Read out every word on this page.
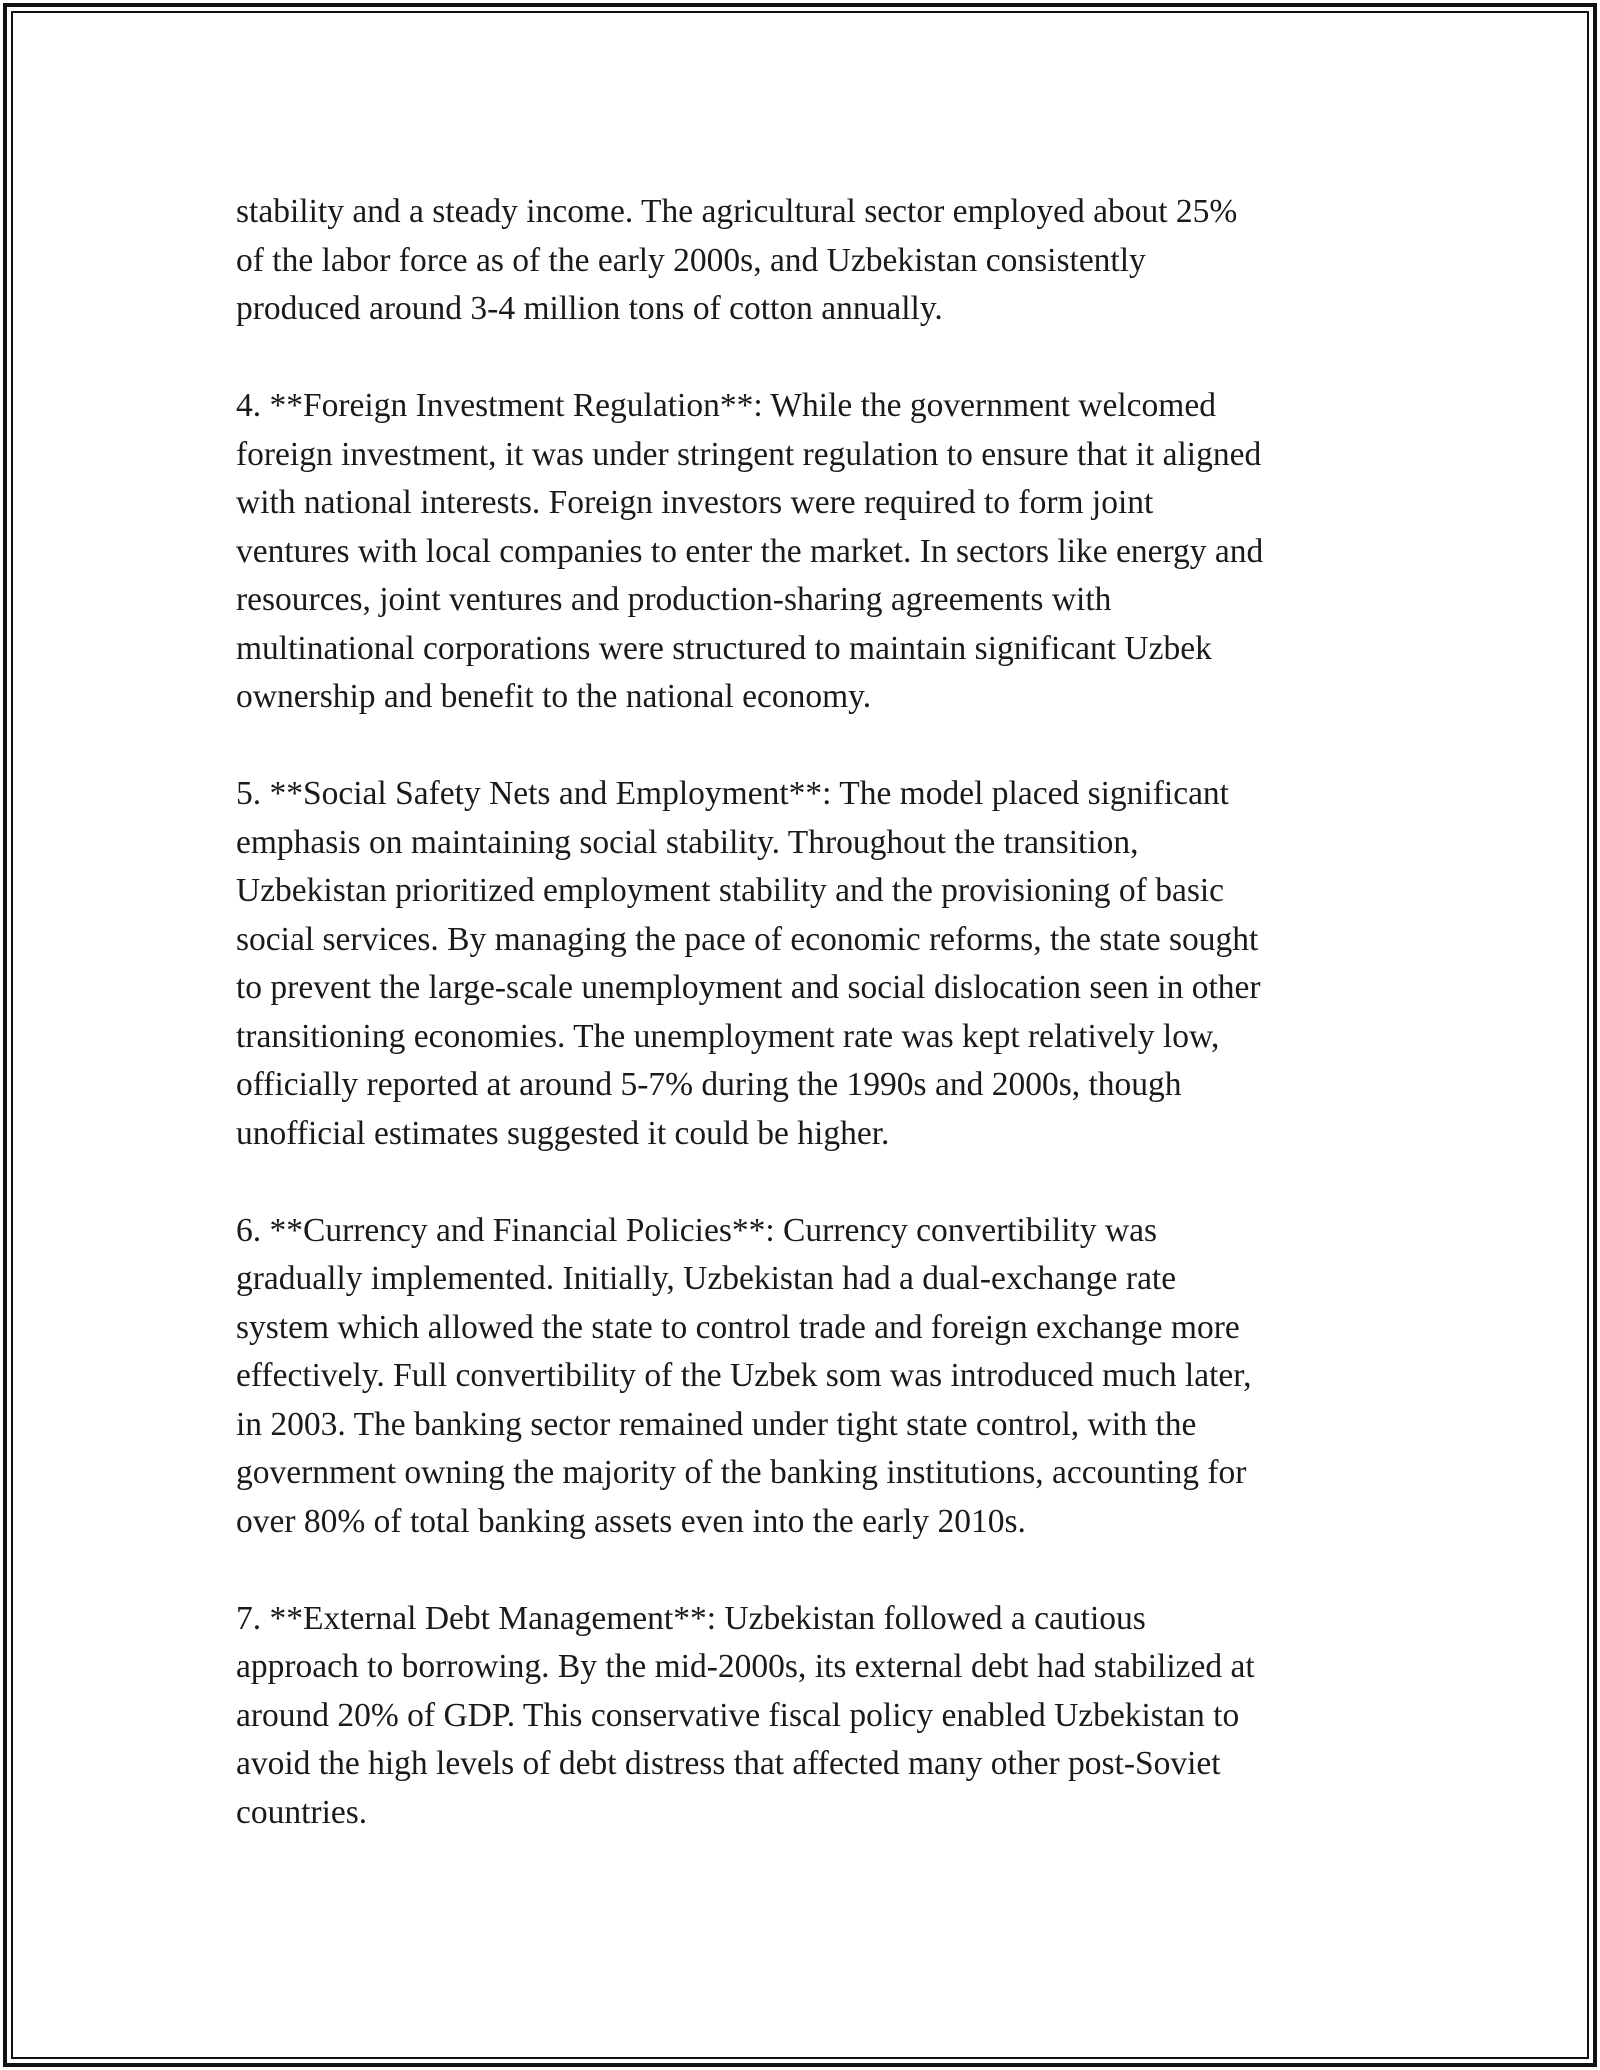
stability and a steady income. The agricultural sector employed about 25%
of the labor force as of the early 2000s, and Uzbekistan consistently
produced around 3-4 million tons of cotton annually.

4. **Foreign Investment Regulation**: While the government welcomed
foreign investment, it was under stringent regulation to ensure that it aligned
with national interests. Foreign investors were required to form joint
ventures with local companies to enter the market. In sectors like energy and
resources, joint ventures and production-sharing agreements with
multinational corporations were structured to maintain significant Uzbek
ownership and benefit to the national economy.

5. **Social Safety Nets and Employment**: The model placed significant
emphasis on maintaining social stability. Throughout the transition,
Uzbekistan prioritized employment stability and the provisioning of basic
social services. By managing the pace of economic reforms, the state sought
to prevent the large-scale unemployment and social dislocation seen in other
transitioning economies. The unemployment rate was kept relatively low,
officially reported at around 5-7% during the 1990s and 2000s, though
unofficial estimates suggested it could be higher.

6. **Currency and Financial Policies**: Currency convertibility was
gradually implemented. Initially, Uzbekistan had a dual-exchange rate
system which allowed the state to control trade and foreign exchange more
effectively. Full convertibility of the Uzbek som was introduced much later,
in 2003. The banking sector remained under tight state control, with the
government owning the majority of the banking institutions, accounting for
over 80% of total banking assets even into the early 2010s.

7. **External Debt Management**: Uzbekistan followed a cautious
approach to borrowing. By the mid-2000s, its external debt had stabilized at
around 20% of GDP. This conservative fiscal policy enabled Uzbekistan to
avoid the high levels of debt distress that affected many other post-Soviet
countries.
